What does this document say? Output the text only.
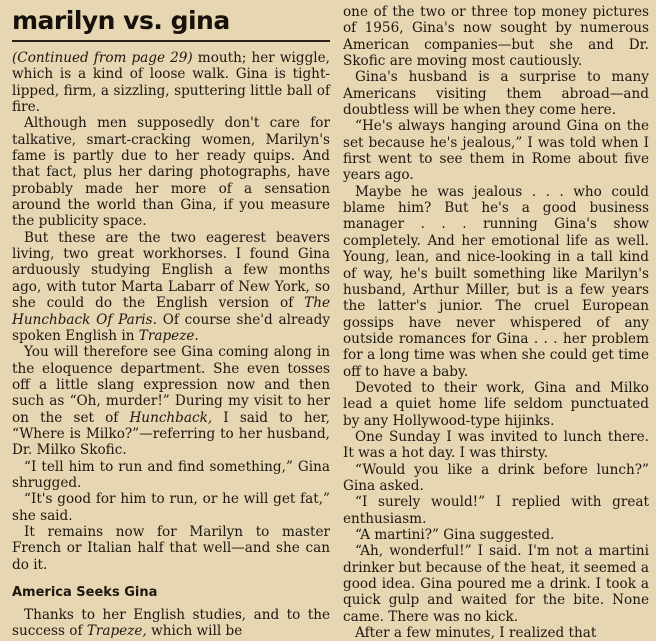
marilyn vs. gina

(Continued from page 29) mouth; her wiggle, which is a kind of loose walk. Gina is tight-lipped, firm, a sizzling, sputtering little ball of fire.

Although men supposedly don't care for talkative, smart-cracking women, Marilyn's fame is partly due to her ready quips. And that fact, plus her daring photographs, have probably made her more of a sensation around the world than Gina, if you measure the publicity space.

But these are the two eagerest beavers living, two great workhorses. I found Gina arduously studying English a few months ago, with tutor Marta Labarr of New York, so she could do the English version of The Hunchback Of Paris. Of course she'd already spoken English in Trapeze.

You will therefore see Gina coming along in the eloquence department. She even tosses off a little slang expression now and then such as “Oh, murder!” During my visit to her on the set of Hunchback, I said to her, “Where is Milko?”—referring to her husband, Dr. Milko Skofic.

“I tell him to run and find something,” Gina shrugged.

“It's good for him to run, or he will get fat,” she said.

It remains now for Marilyn to master French or Italian half that well—and she can do it.

America Seeks Gina

Thanks to her English studies, and to the success of Trapeze, which will be

one of the two or three top money pictures of 1956, Gina's now sought by numerous American companies—but she and Dr. Skofic are moving most cautiously.

Gina's husband is a surprise to many Americans visiting them abroad—and doubtless will be when they come here.

“He's always hanging around Gina on the set because he's jealous,” I was told when I first went to see them in Rome about five years ago.

Maybe he was jealous . . . who could blame him? But he's a good business manager . . . running Gina's show completely. And her emotional life as well. Young, lean, and nice-looking in a tall kind of way, he's built something like Marilyn's husband, Arthur Miller, but is a few years the latter's junior. The cruel European gossips have never whispered of any outside romances for Gina . . . her problem for a long time was when she could get time off to have a baby.

Devoted to their work, Gina and Milko lead a quiet home life seldom punctuated by any Hollywood-type hijinks.

One Sunday I was invited to lunch there. It was a hot day. I was thirsty.

“Would you like a drink before lunch?” Gina asked.

“I surely would!” I replied with great enthusiasm.

“A martini?” Gina suggested.

“Ah, wonderful!” I said. I'm not a martini drinker but because of the heat, it seemed a good idea. Gina poured me a drink. I took a quick gulp and waited for the bite. None came. There was no kick.

After a few minutes, I realized that
